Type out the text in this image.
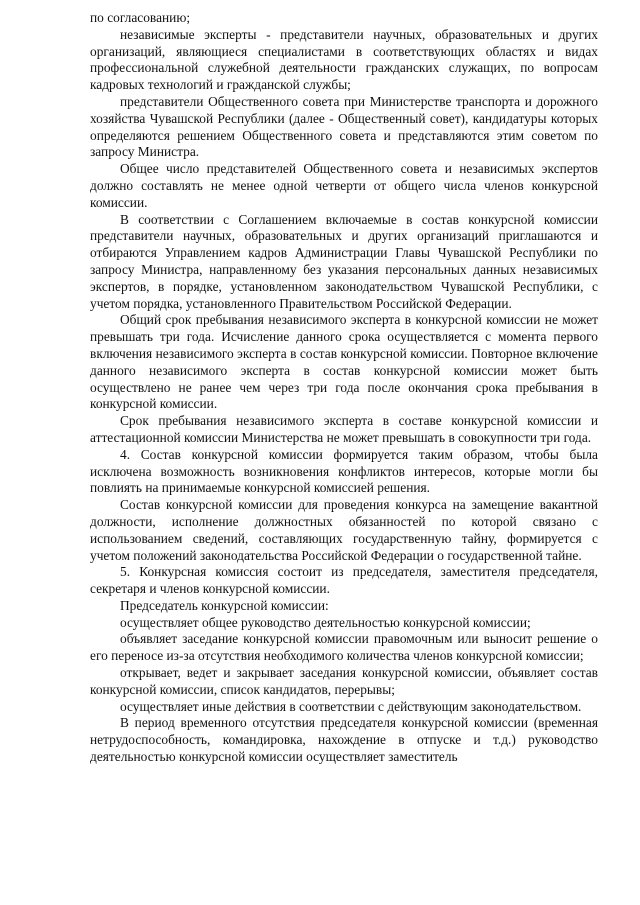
по согласованию;

независимые эксперты - представители научных, образовательных и других организаций, являющиеся специалистами в соответствующих областях и видах профессиональной служебной деятельности гражданских служащих, по вопросам кадровых технологий и гражданской службы;

представители Общественного совета при Министерстве транспорта и дорожного хозяйства Чувашской Республики (далее - Общественный совет), кандидатуры которых определяются решением Общественного совета и представляются этим советом по запросу Министра.

Общее число представителей Общественного совета и независимых экспертов должно составлять не менее одной четверти от общего числа членов конкурсной комиссии.

В соответствии с Соглашением включаемые в состав конкурсной комиссии представители научных, образовательных и других организаций приглашаются и отбираются Управлением кадров Администрации Главы Чувашской Республики по запросу Министра, направленному без указания персональных данных независимых экспертов, в порядке, установленном законодательством Чувашской Республики, с учетом порядка, установленного Правительством Российской Федерации.

Общий срок пребывания независимого эксперта в конкурсной комиссии не может превышать три года. Исчисление данного срока осуществляется с момента первого включения независимого эксперта в состав конкурсной комиссии. Повторное включение данного независимого эксперта в состав конкурсной комиссии может быть осуществлено не ранее чем через три года после окончания срока пребывания в конкурсной комиссии.

Срок пребывания независимого эксперта в составе конкурсной комиссии и аттестационной комиссии Министерства не может превышать в совокупности три года.

4. Состав конкурсной комиссии формируется таким образом, чтобы была исключена возможность возникновения конфликтов интересов, которые могли бы повлиять на принимаемые конкурсной комиссией решения.

Состав конкурсной комиссии для проведения конкурса на замещение вакантной должности, исполнение должностных обязанностей по которой связано с использованием сведений, составляющих государственную тайну, формируется с учетом положений законодательства Российской Федерации о государственной тайне.

5. Конкурсная комиссия состоит из председателя, заместителя председателя, секретаря и членов конкурсной комиссии.

Председатель конкурсной комиссии:

осуществляет общее руководство деятельностью конкурсной комиссии;

объявляет заседание конкурсной комиссии правомочным или выносит решение о его переносе из-за отсутствия необходимого количества членов конкурсной комиссии;

открывает, ведет и закрывает заседания конкурсной комиссии, объявляет состав конкурсной комиссии, список кандидатов, перерывы;

осуществляет иные действия в соответствии с действующим законодательством.

В период временного отсутствия председателя конкурсной комиссии (временная нетрудоспособность, командировка, нахождение в отпуске и т.д.) руководство деятельностью конкурсной комиссии осуществляет заместитель
